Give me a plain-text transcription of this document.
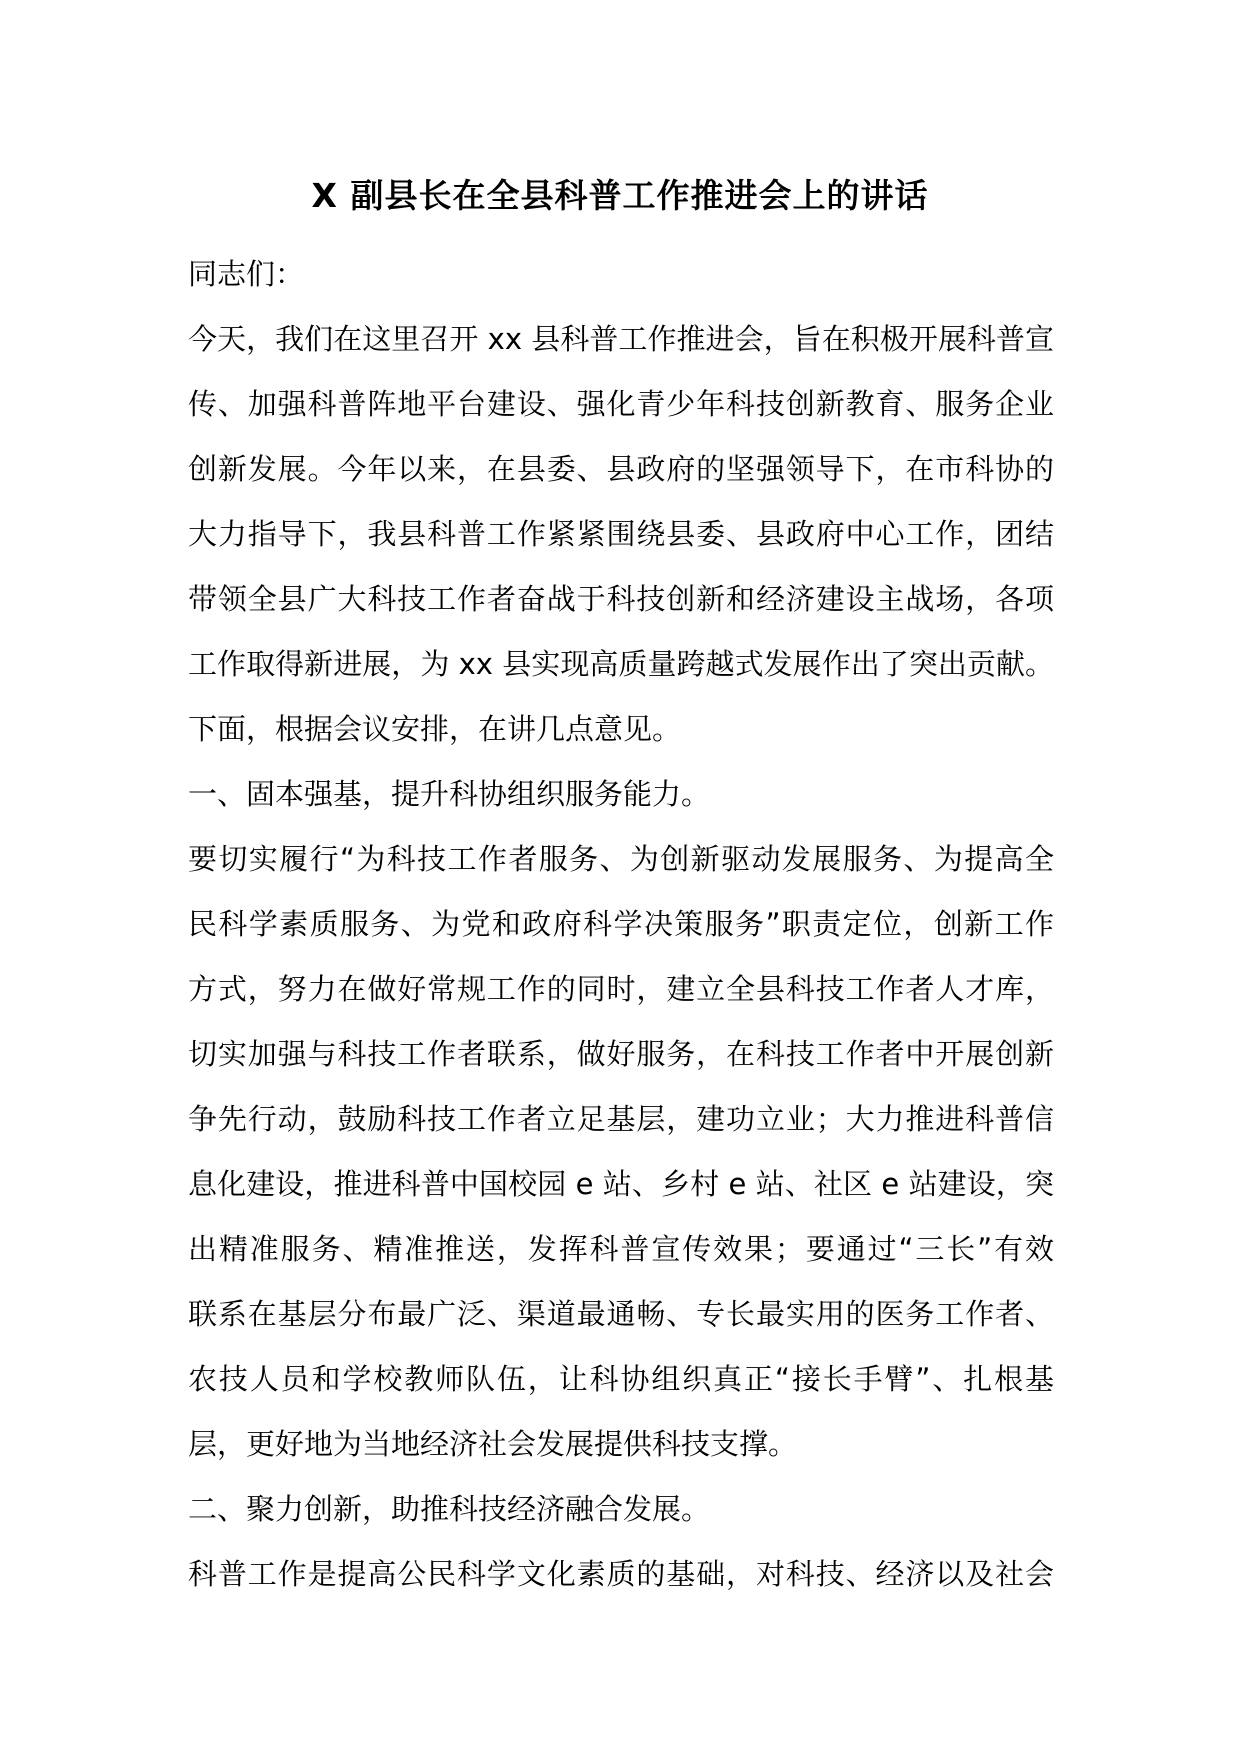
X 副县长在全县科普工作推进会上的讲话
同志们：
今天，我们在这里召开 xx 县科普工作推进会，旨在积极开展科普宣
传、加强科普阵地平台建设、强化青少年科技创新教育、服务企业
创新发展。今年以来，在县委、县政府的坚强领导下，在市科协的
大力指导下，我县科普工作紧紧围绕县委、县政府中心工作，团结
带领全县广大科技工作者奋战于科技创新和经济建设主战场，各项
工作取得新进展，为 xx 县实现高质量跨越式发展作出了突出贡献。
下面，根据会议安排，在讲几点意见。
一、固本强基，提升科协组织服务能力。
要切实履行“为科技工作者服务、为创新驱动发展服务、为提高全
民科学素质服务、为党和政府科学决策服务”职责定位，创新工作
方式，努力在做好常规工作的同时，建立全县科技工作者人才库，
切实加强与科技工作者联系，做好服务，在科技工作者中开展创新
争先行动，鼓励科技工作者立足基层，建功立业；大力推进科普信
息化建设，推进科普中国校园 e 站、乡村 e 站、社区 e 站建设，突
出精准服务、精准推送，发挥科普宣传效果；要通过“三长”有效
联系在基层分布最广泛、渠道最通畅、专长最实用的医务工作者、
农技人员和学校教师队伍，让科协组织真正“接长手臂”、扎根基
层，更好地为当地经济社会发展提供科技支撑。
二、聚力创新，助推科技经济融合发展。
科普工作是提高公民科学文化素质的基础，对科技、经济以及社会
